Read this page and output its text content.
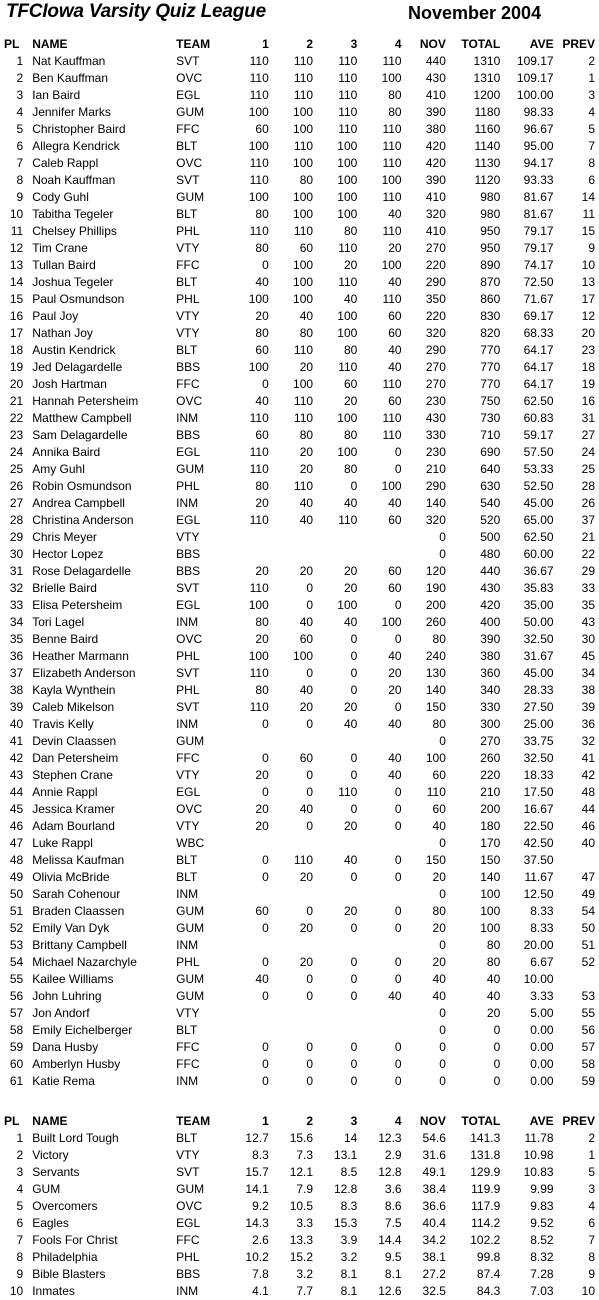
TFCIowa Varsity Quiz League	November 2004
PL	NAME	TEAM	1	2	3	4	NOV	TOTAL	AVE	PREV
1	Nat Kauffman	SVT	110	110	110	110	440	1310	109.17	2
2	Ben Kauffman	OVC	110	110	110	100	430	1310	109.17	1
3	Ian Baird	EGL	110	110	110	80	410	1200	100.00	3
4	Jennifer Marks	GUM	100	100	110	80	390	1180	98.33	4
5	Christopher Baird	FFC	60	100	110	110	380	1160	96.67	5
6	Allegra Kendrick	BLT	100	110	100	110	420	1140	95.00	7
7	Caleb Rappl	OVC	110	100	100	110	420	1130	94.17	8
8	Noah Kauffman	SVT	110	80	100	100	390	1120	93.33	6
9	Cody Guhl	GUM	100	100	100	110	410	980	81.67	14
10	Tabitha Tegeler	BLT	80	100	100	40	320	980	81.67	11
11	Chelsey Phillips	PHL	110	110	80	110	410	950	79.17	15
12	Tim Crane	VTY	80	60	110	20	270	950	79.17	9
13	Tullan Baird	FFC	0	100	20	100	220	890	74.17	10
14	Joshua Tegeler	BLT	40	100	110	40	290	870	72.50	13
15	Paul Osmundson	PHL	100	100	40	110	350	860	71.67	17
16	Paul Joy	VTY	20	40	100	60	220	830	69.17	12
17	Nathan Joy	VTY	80	80	100	60	320	820	68.33	20
18	Austin Kendrick	BLT	60	110	80	40	290	770	64.17	23
19	Jed Delagardelle	BBS	100	20	110	40	270	770	64.17	18
20	Josh Hartman	FFC	0	100	60	110	270	770	64.17	19
21	Hannah Petersheim	OVC	40	110	20	60	230	750	62.50	16
22	Matthew Campbell	INM	110	110	100	110	430	730	60.83	31
23	Sam Delagardelle	BBS	60	80	80	110	330	710	59.17	27
24	Annika Baird	EGL	110	20	100	0	230	690	57.50	24
25	Amy Guhl	GUM	110	20	80	0	210	640	53.33	25
26	Robin Osmundson	PHL	80	110	0	100	290	630	52.50	28
27	Andrea Campbell	INM	20	40	40	40	140	540	45.00	26
28	Christina Anderson	EGL	110	40	110	60	320	520	65.00	37
29	Chris Meyer	VTY					0	500	62.50	21
30	Hector Lopez	BBS					0	480	60.00	22
31	Rose Delagardelle	BBS	20	20	20	60	120	440	36.67	29
32	Brielle Baird	SVT	110	0	20	60	190	430	35.83	33
33	Elisa Petersheim	EGL	100	0	100	0	200	420	35.00	35
34	Tori Lagel	INM	80	40	40	100	260	400	50.00	43
35	Benne Baird	OVC	20	60	0	0	80	390	32.50	30
36	Heather Marmann	PHL	100	100	0	40	240	380	31.67	45
37	Elizabeth Anderson	SVT	110	0	0	20	130	360	45.00	34
38	Kayla Wynthein	PHL	80	40	0	20	140	340	28.33	38
39	Caleb Mikelson	SVT	110	20	20	0	150	330	27.50	39
40	Travis Kelly	INM	0	0	40	40	80	300	25.00	36
41	Devin Claassen	GUM					0	270	33.75	32
42	Dan Petersheim	FFC	0	60	0	40	100	260	32.50	41
43	Stephen Crane	VTY	20	0	0	40	60	220	18.33	42
44	Annie Rappl	EGL	0	0	110	0	110	210	17.50	48
45	Jessica Kramer	OVC	20	40	0	0	60	200	16.67	44
46	Adam Bourland	VTY	20	0	20	0	40	180	22.50	46
47	Luke Rappl	WBC					0	170	42.50	40
48	Melissa Kaufman	BLT	0	110	40	0	150	150	37.50	
49	Olivia McBride	BLT	0	20	0	0	20	140	11.67	47
50	Sarah Cohenour	INM					0	100	12.50	49
51	Braden Claassen	GUM	60	0	20	0	80	100	8.33	54
52	Emily Van Dyk	GUM	0	20	0	0	20	100	8.33	50
53	Brittany Campbell	INM					0	80	20.00	51
54	Michael Nazarchyle	PHL	0	20	0	0	20	80	6.67	52
55	Kailee Williams	GUM	40	0	0	0	40	40	10.00	
56	John Luhring	GUM	0	0	0	40	40	40	3.33	53
57	Jon Andorf	VTY					0	20	5.00	55
58	Emily Eichelberger	BLT					0	0	0.00	56
59	Dana Husby	FFC	0	0	0	0	0	0	0.00	57
60	Amberlyn Husby	FFC	0	0	0	0	0	0	0.00	58
61	Katie Rema	INM	0	0	0	0	0	0	0.00	59
PL	NAME	TEAM	1	2	3	4	NOV	TOTAL	AVE	PREV
1	Built Lord Tough	BLT	12.7	15.6	14	12.3	54.6	141.3	11.78	2
2	Victory	VTY	8.3	7.3	13.1	2.9	31.6	131.8	10.98	1
3	Servants	SVT	15.7	12.1	8.5	12.8	49.1	129.9	10.83	5
4	GUM	GUM	14.1	7.9	12.8	3.6	38.4	119.9	9.99	3
5	Overcomers	OVC	9.2	10.5	8.3	8.6	36.6	117.9	9.83	4
6	Eagles	EGL	14.3	3.3	15.3	7.5	40.4	114.2	9.52	6
7	Fools For Christ	FFC	2.6	13.3	3.9	14.4	34.2	102.2	8.52	7
8	Philadelphia	PHL	10.2	15.2	3.2	9.5	38.1	99.8	8.32	8
9	Bible Blasters	BBS	7.8	3.2	8.1	8.1	27.2	87.4	7.28	9
10	Inmates	INM	4.1	7.7	8.1	12.6	32.5	84.3	7.03	10
